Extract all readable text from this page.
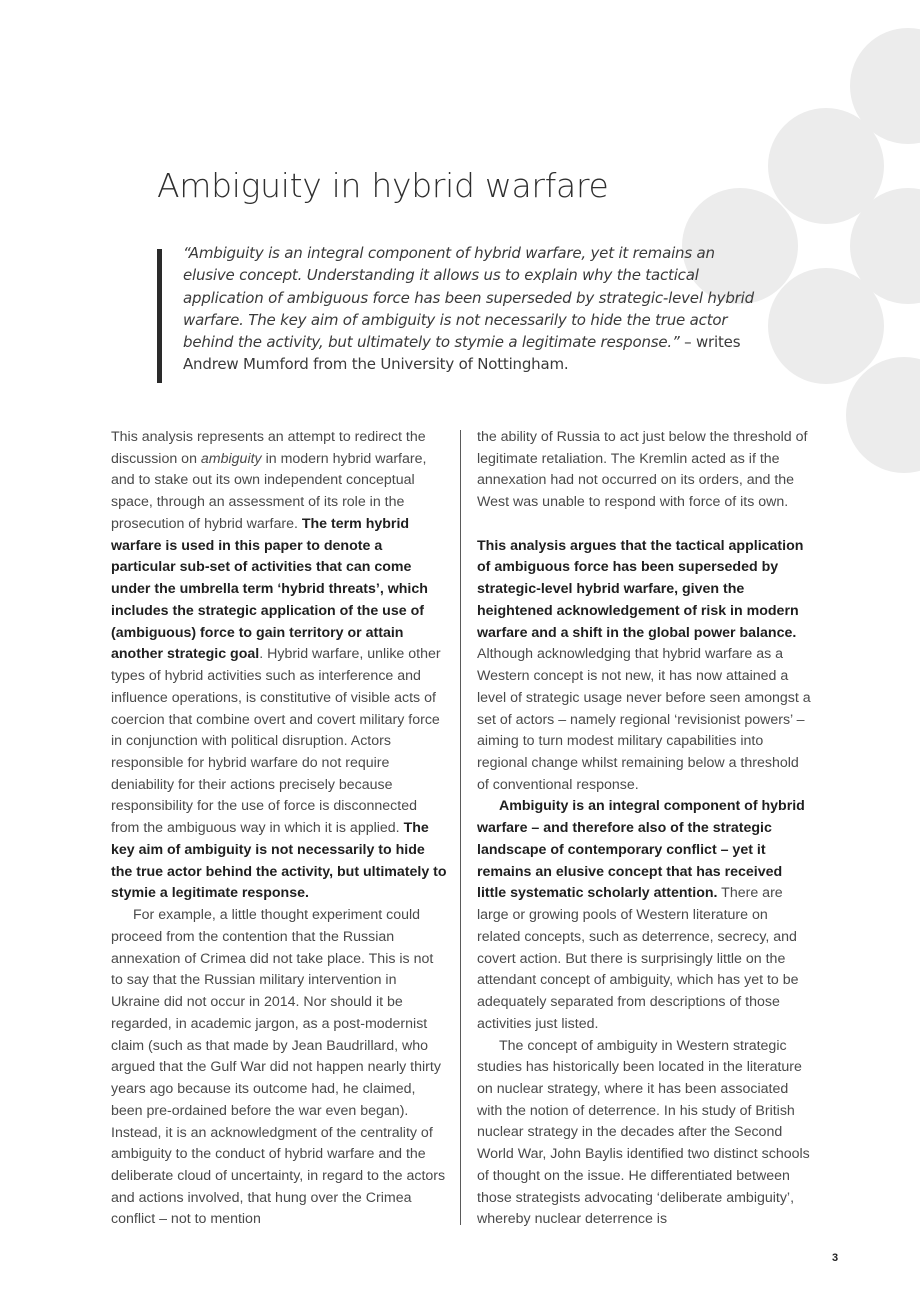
Ambiguity in hybrid warfare

“Ambiguity is an integral component of hybrid warfare, yet it remains an elusive concept. Understanding it allows us to explain why the tactical application of ambiguous force has been superseded by strategic-level hybrid warfare. The key aim of ambiguity is not necessarily to hide the true actor behind the activity, but ultimately to stymie a legitimate response.” – writes Andrew Mumford from the University of Nottingham.

This analysis represents an attempt to redirect the discussion on ambiguity in modern hybrid warfare, and to stake out its own independent conceptual space, through an assessment of its role in the prosecution of hybrid warfare. The term hybrid warfare is used in this paper to denote a particular sub-set of activities that can come under the umbrella term ‘hybrid threats’, which includes the strategic application of the use of (ambiguous) force to gain territory or attain another strategic goal. Hybrid warfare, unlike other types of hybrid activities such as interference and influence operations, is constitutive of visible acts of coercion that combine overt and covert military force in conjunction with political disruption. Actors responsible for hybrid warfare do not require deniability for their actions precisely because responsibility for the use of force is disconnected from the ambiguous way in which it is applied. The key aim of ambiguity is not necessarily to hide the true actor behind the activity, but ultimately to stymie a legitimate response.

For example, a little thought experiment could proceed from the contention that the Russian annexation of Crimea did not take place. This is not to say that the Russian military intervention in Ukraine did not occur in 2014. Nor should it be regarded, in academic jargon, as a post-modernist claim (such as that made by Jean Baudrillard, who argued that the Gulf War did not happen nearly thirty years ago because its outcome had, he claimed, been pre-ordained before the war even began). Instead, it is an acknowledgment of the centrality of ambiguity to the conduct of hybrid warfare and the deliberate cloud of uncertainty, in regard to the actors and actions involved, that hung over the Crimea conflict – not to mention

the ability of Russia to act just below the threshold of legitimate retaliation. The Kremlin acted as if the annexation had not occurred on its orders, and the West was unable to respond with force of its own.

This analysis argues that the tactical application of ambiguous force has been superseded by strategic-level hybrid warfare, given the heightened acknowledgement of risk in modern warfare and a shift in the global power balance. Although acknowledging that hybrid warfare as a Western concept is not new, it has now attained a level of strategic usage never before seen amongst a set of actors – namely regional ‘revisionist powers’ – aiming to turn modest military capabilities into regional change whilst remaining below a threshold of conventional response.

Ambiguity is an integral component of hybrid warfare – and therefore also of the strategic landscape of contemporary conflict – yet it remains an elusive concept that has received little systematic scholarly attention. There are large or growing pools of Western literature on related concepts, such as deterrence, secrecy, and covert action. But there is surprisingly little on the attendant concept of ambiguity, which has yet to be adequately separated from descriptions of those activities just listed.

The concept of ambiguity in Western strategic studies has historically been located in the literature on nuclear strategy, where it has been associated with the notion of deterrence. In his study of British nuclear strategy in the decades after the Second World War, John Baylis identified two distinct schools of thought on the issue. He differentiated between those strategists advocating ‘deliberate ambiguity’, whereby nuclear deterrence is

3
